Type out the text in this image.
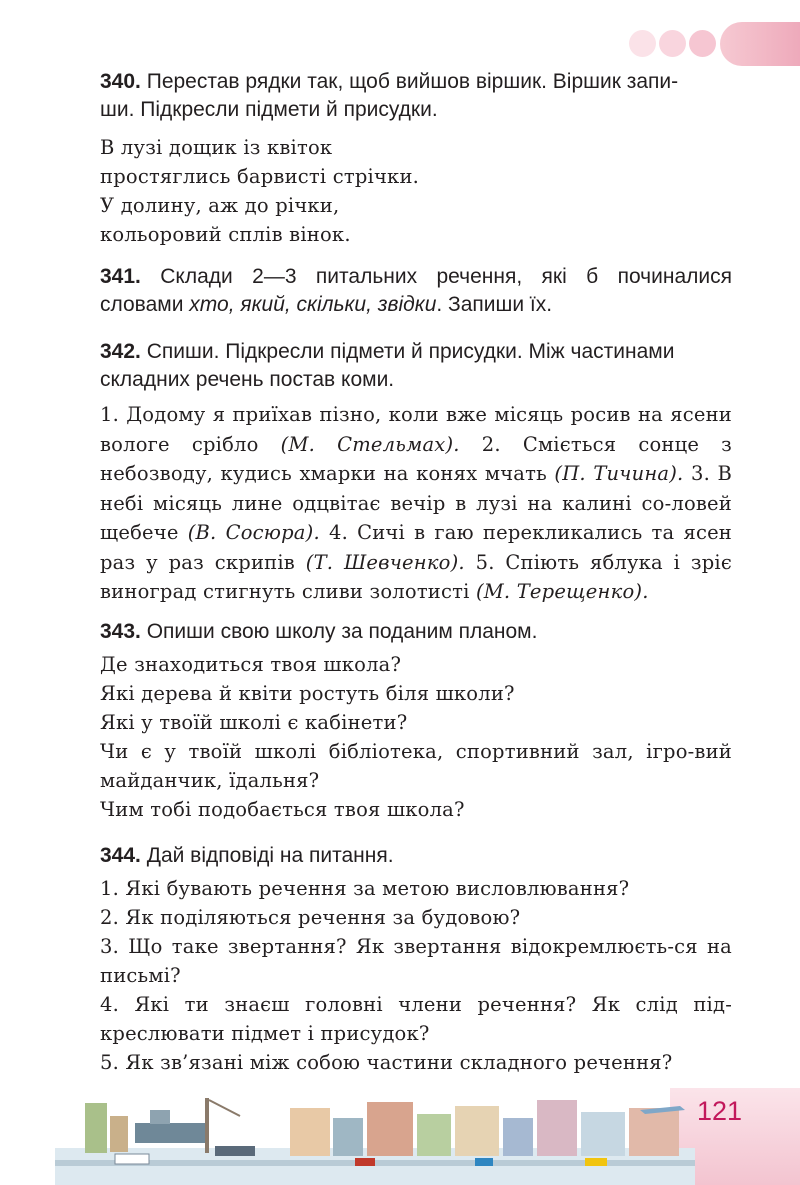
340. Перестав рядки так, щоб вийшов віршик. Віршик запи-
ши. Підкресли підмети й присудки.
В лузі дощик із квіток
простяглись барвисті стрічки.
У долину, аж до річки,
кольоровий сплів вінок.
341. Склади 2—3 питальних речення, які б починалися
словами хто, який, скільки, звідки. Запиши їх.
342. Спиши. Підкресли підмети й присудки. Між частинами
складних речень постав коми.
1. Додому я приїхав пізно, коли вже місяць росив на ясени вологе срібло (М. Стельмах). 2. Сміється сонце з небозводу, кудись хмарки на конях мчать (П. Тичина). 3. В небі місяць лине одцвітає вечір в лузі на калині со-ловей щебече (В. Сосюра). 4. Сичі в гаю перекликались та ясен раз у раз скрипів (Т. Шевченко). 5. Спіють яблука і зріє виноград стигнуть сливи золотисті (М. Терещенко).
343. Опиши свою школу за поданим планом.
Де знаходиться твоя школа?
Які дерева й квіти ростуть біля школи?
Які у твоїй школі є кабінети?
Чи є у твоїй школі бібліотека, спортивний зал, ігро-вий майданчик, їдальня?
Чим тобі подобається твоя школа?
344. Дай відповіді на питання.
1. Які бувають речення за метою висловлювання?
2. Як поділяються речення за будовою?
3. Що таке звертання? Як звертання відокремлюєть-ся на письмі?
4. Які ти знаєш головні члени речення? Як слід під-креслювати підмет і присудок?
5. Як зв’язані між собою частини складного речення?
121
